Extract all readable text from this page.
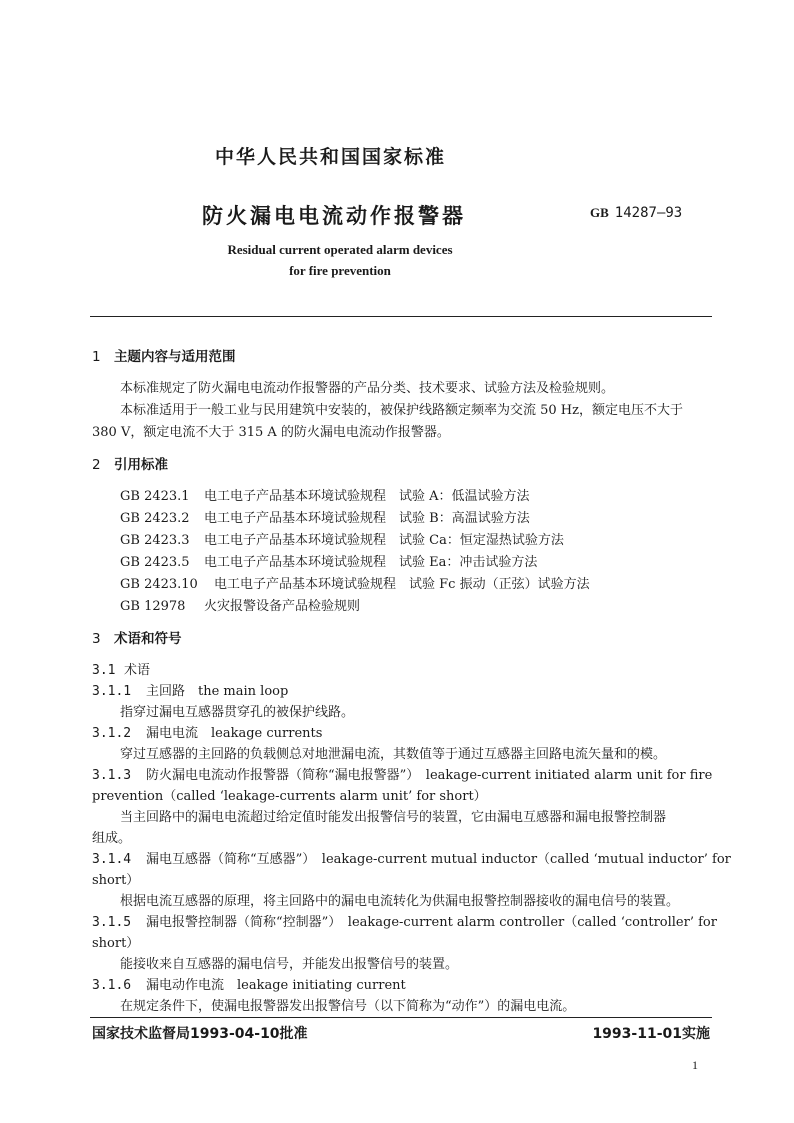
中华人民共和国国家标准
防火漏电电流动作报警器	GB 14287—93
Residual current operated alarm devices
for fire prevention
1 主题内容与适用范围
本标准规定了防火漏电电流动作报警器的产品分类、技术要求、试验方法及检验规则。
本标准适用于一般工业与民用建筑中安装的，被保护线路额定频率为交流 50 Hz，额定电压不大于
380 V，额定电流不大于 315 A 的防火漏电电流动作报警器。
2 引用标准
GB 2423.1 电工电子产品基本环境试验规程　 试验 A：低温试验方法
GB 2423.2 电工电子产品基本环境试验规程　 试验 B：高温试验方法
GB 2423.3 电工电子产品基本环境试验规程　 试验 Ca：恒定湿热试验方法
GB 2423.5 电工电子产品基本环境试验规程　 试验 Ea：冲击试验方法
GB 2423.10 电工电子产品基本环境试验规程　 试验 Fc 振动（正弦）试验方法
GB 12978 火灾报警设备产品检验规则
3 术语和符号
3.1 术语
3.1.1 主回路　the main loop
指穿过漏电互感器贯穿孔的被保护线路。
3.1.2 漏电电流　leakage currents
穿过互感器的主回路的负载侧总对地泄漏电流，其数值等于通过互感器主回路电流矢量和的模。
3.1.3 防火漏电电流动作报警器（简称“漏电报警器”）　leakage-current initiated alarm unit for fire
prevention（called ‘leakage-currents alarm unit’ for short）
当主回路中的漏电电流超过给定值时能发出报警信号的装置，它由漏电互感器和漏电报警控制器
组成。
3.1.4 漏电互感器（简称“互感器”）　leakage-current mutual inductor（called ‘mutual inductor’ for
short）
根据电流互感器的原理，将主回路中的漏电电流转化为供漏电报警控制器接收的漏电信号的装置。
3.1.5 漏电报警控制器（简称“控制器”）　leakage-current alarm controller（called ‘controller’ for
short）
能接收来自互感器的漏电信号，并能发出报警信号的装置。
3.1.6 漏电动作电流　leakage initiating current
在规定条件下，使漏电报警器发出报警信号（以下简称为“动作”）的漏电电流。
国家技术监督局1993-04-10批准	1993-11-01实施
1
